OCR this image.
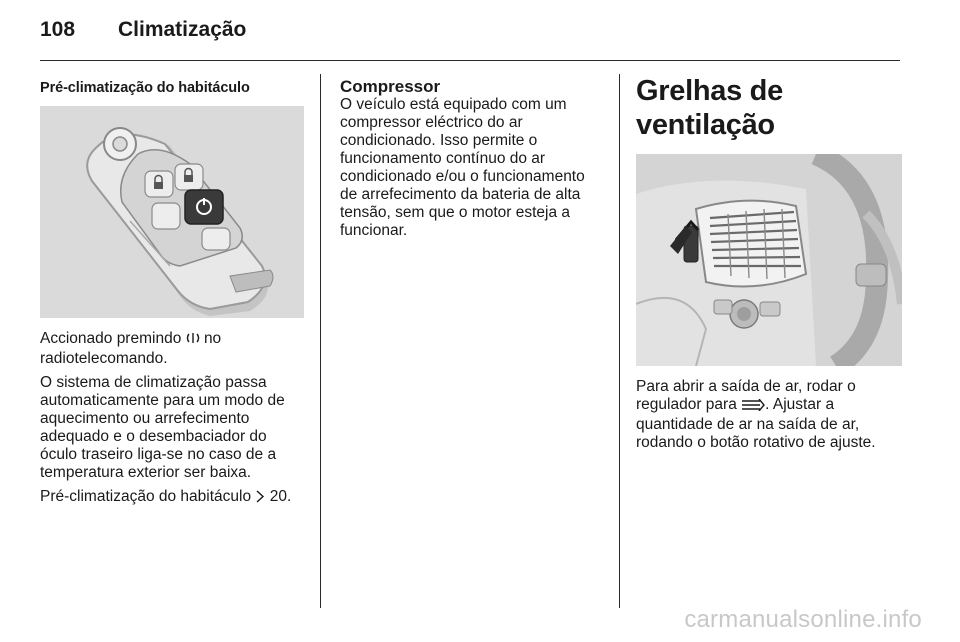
108	Climatização
Pré-climatização do habitáculo

Accionado premindo no radiotelecomando.

O sistema de climatização passa automaticamente para um modo de aquecimento ou arrefecimento adequado e o desembaciador do óculo traseiro liga-se no caso de a temperatura exterior ser baixa.

Pré-climatização do habitáculo 20.

Compressor

O veículo está equipado com um compressor eléctrico do ar condicionado. Isso permite o funcionamento contínuo do ar condicionado e/ou o funcionamento de arrefecimento da bateria de alta tensão, sem que o motor esteja a funcionar.

Grelhas de ventilação

Para abrir a saída de ar, rodar o regulador para . Ajustar a quantidade de ar na saída de ar, rodando o botão rotativo de ajuste.

carmanualsonline.info
